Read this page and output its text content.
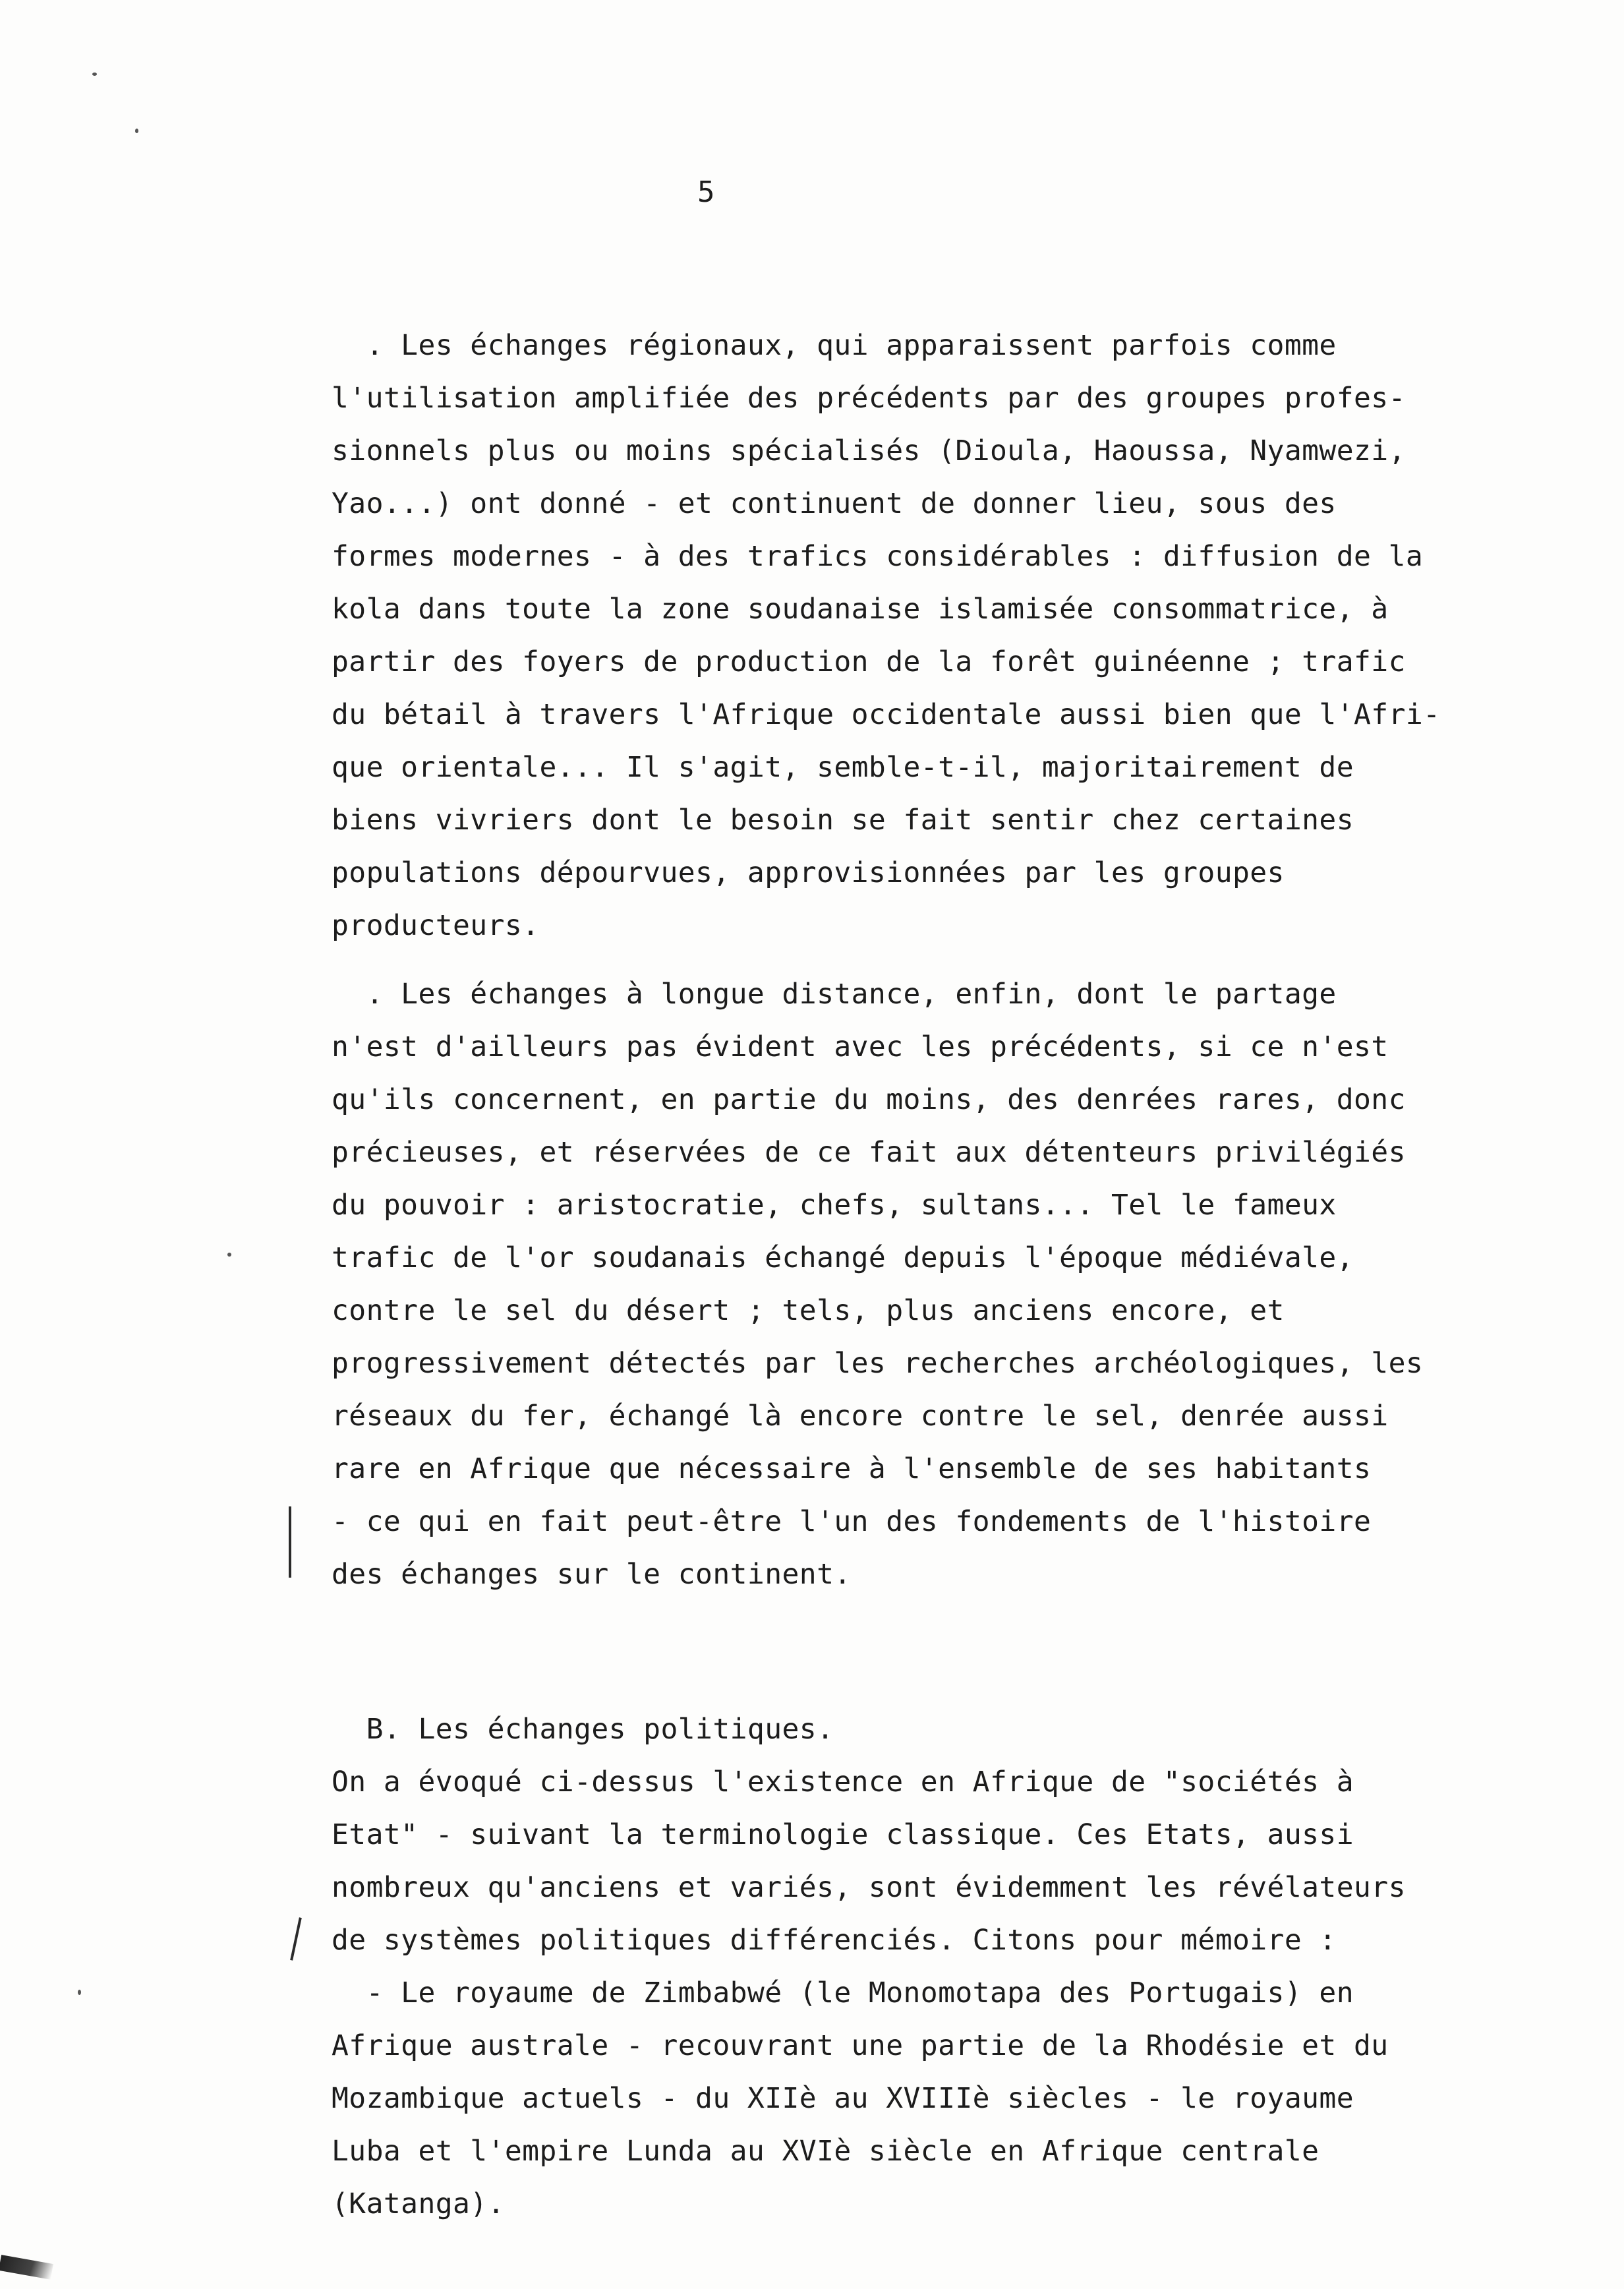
5
. Les échanges régionaux, qui apparaissent parfois comme
l'utilisation amplifiée des précédents par des groupes profes-
sionnels plus ou moins spécialisés (Dioula, Haoussa, Nyamwezi,
Yao...) ont donné - et continuent de donner lieu, sous des
formes modernes - à des trafics considérables : diffusion de la
kola dans toute la zone soudanaise islamisée consommatrice, à
partir des foyers de production de la forêt guinéenne ; trafic
du bétail à travers l'Afrique occidentale aussi bien que l'Afri-
que orientale... Il s'agit, semble-t-il, majoritairement de
biens vivriers dont le besoin se fait sentir chez certaines
populations dépourvues, approvisionnées par les groupes
producteurs.
. Les échanges à longue distance, enfin, dont le partage
n'est d'ailleurs pas évident avec les précédents, si ce n'est
qu'ils concernent, en partie du moins, des denrées rares, donc
précieuses, et réservées de ce fait aux détenteurs privilégiés
du pouvoir : aristocratie, chefs, sultans... Tel le fameux
trafic de l'or soudanais échangé depuis l'époque médiévale,
contre le sel du désert ; tels, plus anciens encore, et
progressivement détectés par les recherches archéologiques, les
réseaux du fer, échangé là encore contre le sel, denrée aussi
rare en Afrique que nécessaire à l'ensemble de ses habitants
- ce qui en fait peut-être l'un des fondements de l'histoire
des échanges sur le continent.
B. Les échanges politiques.
On a évoqué ci-dessus l'existence en Afrique de "sociétés à
Etat" - suivant la terminologie classique. Ces Etats, aussi
nombreux qu'anciens et variés, sont évidemment les révélateurs
de systèmes politiques différenciés. Citons pour mémoire :
- Le royaume de Zimbabwé (le Monomotapa des Portugais) en
Afrique australe - recouvrant une partie de la Rhodésie et du
Mozambique actuels - du XIIè au XVIIIè siècles - le royaume
Luba et l'empire Lunda au XVIè siècle en Afrique centrale
(Katanga).
